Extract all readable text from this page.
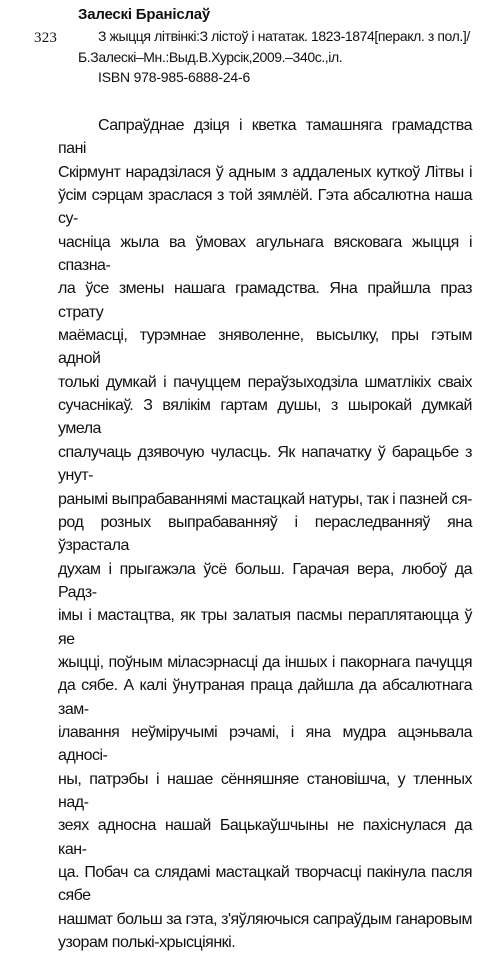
323
Залескі Браніслаў

З жыцця літвінкі:З лістоў і нататак. 1823-1874[перакл. з пол.]/Б.Залескі–Мн.:Выд.В.Хурсік,2009.–340с.,іл.

ISBN 978-985-6888-24-6
Сапраўднае дзіця і кветка тамашняга грамадства пані
Скірмунт нарадзілася ў адным з аддаленых куткоў Літвы і
ўсім сэрцам зраслася з той зямлёй. Гэта абсалютна наша су-
часніца жыла ва ўмовах агульнага вясковага жыцця і спазна-
ла ўсе змены нашага грамадства. Яна прайшла праз страту
маёмасці, турэмнае зняволенне, высылку, пры гэтым адной
толькі думкай і пачуццем пераўзыходзіла шматлікіх сваіх
сучаснікаў. З вялікім гартам душы, з шырокай думкай умела
спалучаць дзявочую чуласць. Як напачатку ў барацьбе з унут-
ранымі выпрабаваннямі мастацкай натуры, так і пазней ся-
род розных выпрабаванняў і пераследванняў яна ўзрастала
духам і прыгажэла ўсё больш. Гарачая вера, любоў да Радз-
імы і мастацтва, як тры залатыя пасмы пераплятаюцца ў яе
жыцці, поўным міласэрнасці да іншых і пакорнага пачуцця
да сябе. А калі ўнутраная праца дайшла да абсалютнага зам-
ілавання неўміручымі рэчамі, і яна мудра ацэньвала адносі-
ны, патрэбы і нашае сённяшняе становішча, у тленных над-
зеях адноснa нашай Бацькаўшчыны не пахіснулася да кан-
ца. Побач са слядамі мастацкай творчасці пакінула пасля сябе
нашмат больш за гэта, з'яўляючыся сапраўдым ганаровым
узорам полькі-хрысціянкі.
